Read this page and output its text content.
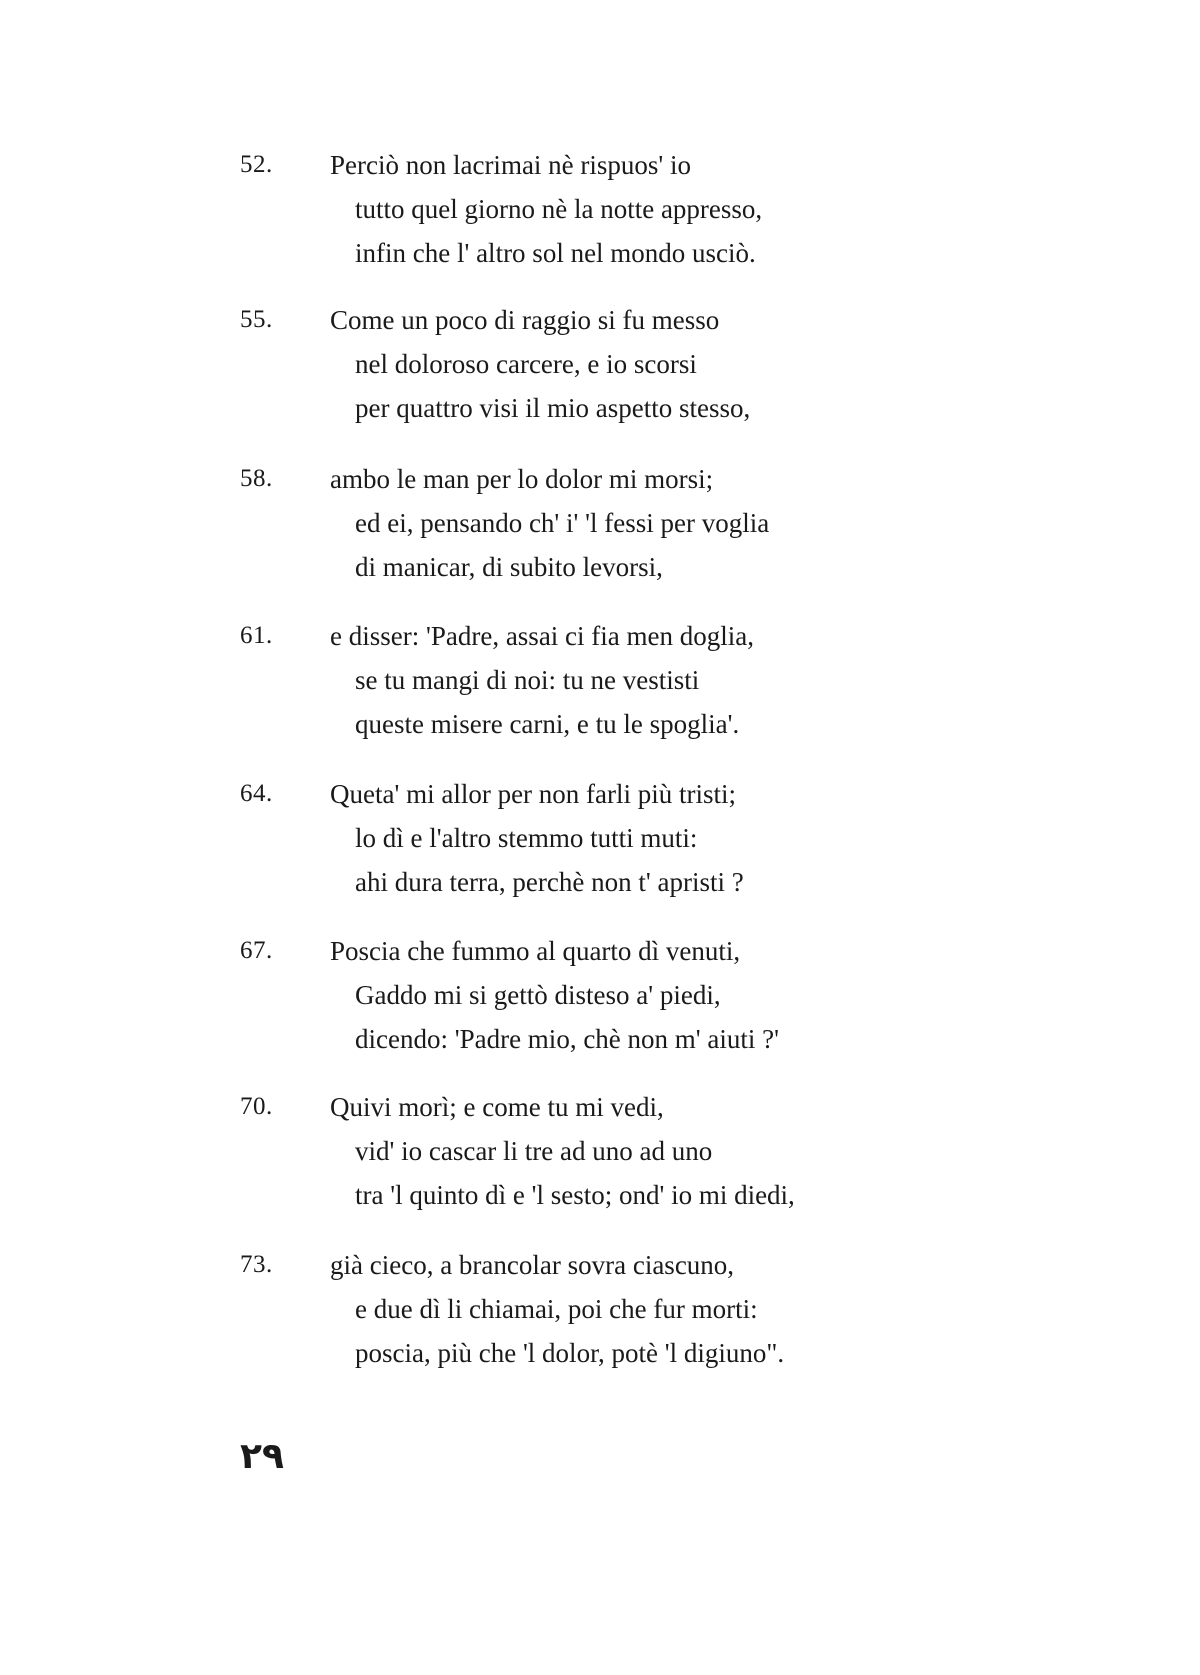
52. Perciò non lacrimai nè rispuos' io
tutto quel giorno nè la notte appresso,
infin che l' altro sol nel mondo usciò.
55. Come un poco di raggio si fu messo
nel doloroso carcere, e io scorsi
per quattro visi il mio aspetto stesso,
58. ambo le man per lo dolor mi morsi;
ed ei, pensando ch' i' 'l fessi per voglia
di manicar, di subito levorsi,
61. e disser: 'Padre, assai ci fia men doglia,
se tu mangi di noi: tu ne vestisti
queste misere carni, e tu le spoglia'.
64. Queta' mi allor per non farli più tristi;
lo dì e l'altro stemmo tutti muti:
ahi dura terra, perchè non t' apristi ?
67. Poscia che fummo al quarto dì venuti,
Gaddo mi si gettò disteso a' piedi,
dicendo: 'Padre mio, chè non m' aiuti ?'
70. Quivi morì; e come tu mi vedi,
vid' io cascar li tre ad uno ad uno
tra 'l quinto dì e 'l sesto; ond' io mi diedi,
73. già cieco, a brancolar sovra ciascuno,
e due dì li chiamai, poi che fur morti:
poscia, più che 'l dolor, potè 'l digiuno".
٢٩
